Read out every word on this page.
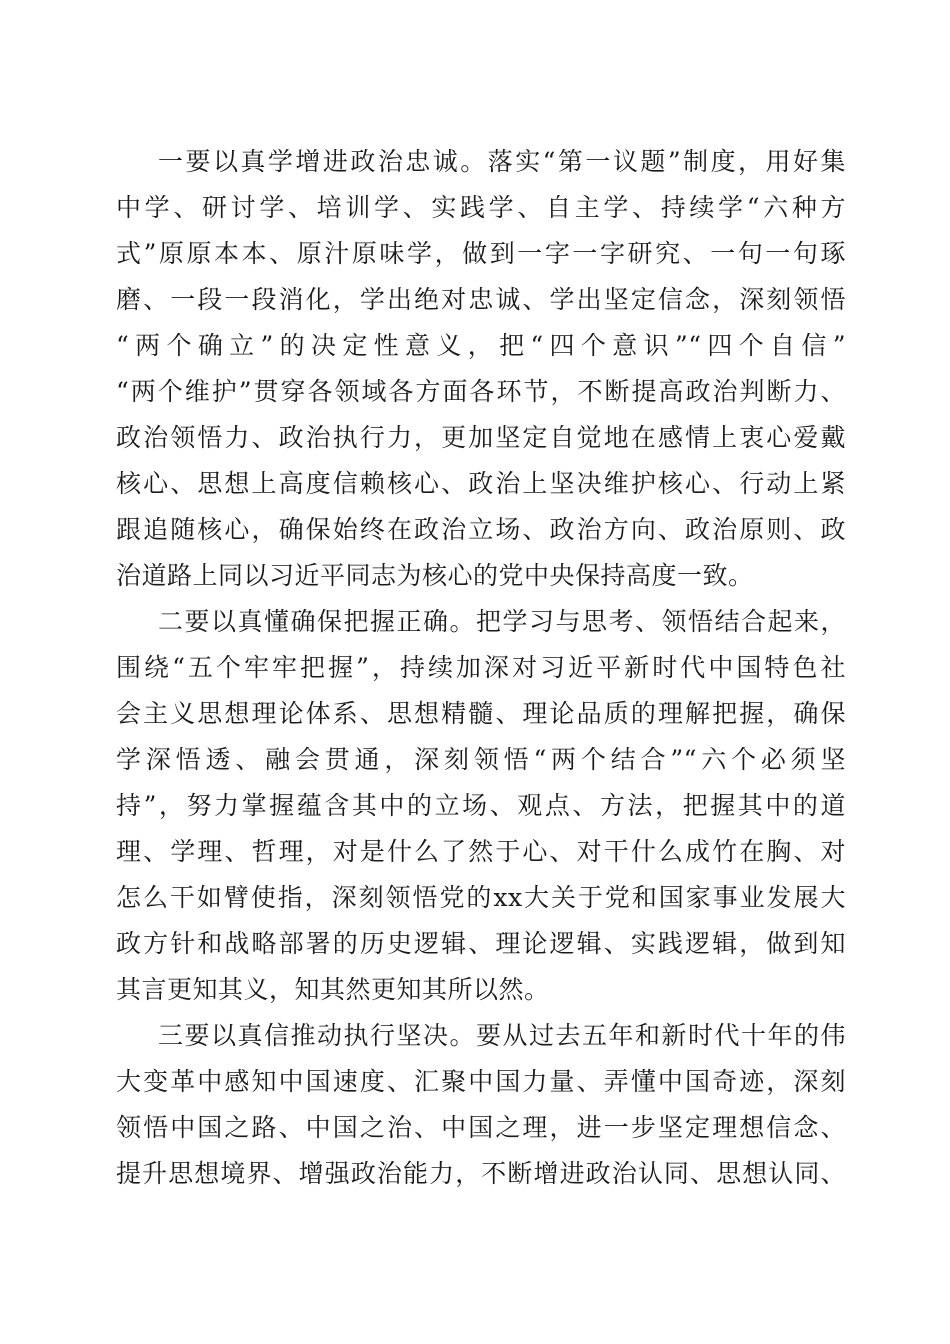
一要以真学增进政治忠诚。落实“第一议题”制度，用好集
中学、研讨学、培训学、实践学、自主学、持续学“六种方
式”原原本本、原汁原味学，做到一字一字研究、一句一句琢
磨、一段一段消化，学出绝对忠诚、学出坚定信念，深刻领悟
“两个确立”的决定性意义，把“四个意识”“四个自信”
“两个维护”贯穿各领域各方面各环节，不断提高政治判断力、
政治领悟力、政治执行力，更加坚定自觉地在感情上衷心爱戴
核心、思想上高度信赖核心、政治上坚决维护核心、行动上紧
跟追随核心，确保始终在政治立场、政治方向、政治原则、政
治道路上同以习近平同志为核心的党中央保持高度一致。

二要以真懂确保把握正确。把学习与思考、领悟结合起来，
围绕“五个牢牢把握”，持续加深对习近平新时代中国特色社
会主义思想理论体系、思想精髓、理论品质的理解把握，确保
学深悟透、融会贯通，深刻领悟“两个结合”“六个必须坚
持”，努力掌握蕴含其中的立场、观点、方法，把握其中的道
理、学理、哲理，对是什么了然于心、对干什么成竹在胸、对
怎么干如臂使指，深刻领悟党的xx大关于党和国家事业发展大
政方针和战略部署的历史逻辑、理论逻辑、实践逻辑，做到知
其言更知其义，知其然更知其所以然。

三要以真信推动执行坚决。要从过去五年和新时代十年的伟
大变革中感知中国速度、汇聚中国力量、弄懂中国奇迹，深刻
领悟中国之路、中国之治、中国之理，进一步坚定理想信念、
提升思想境界、增强政治能力，不断增进政治认同、思想认同、
